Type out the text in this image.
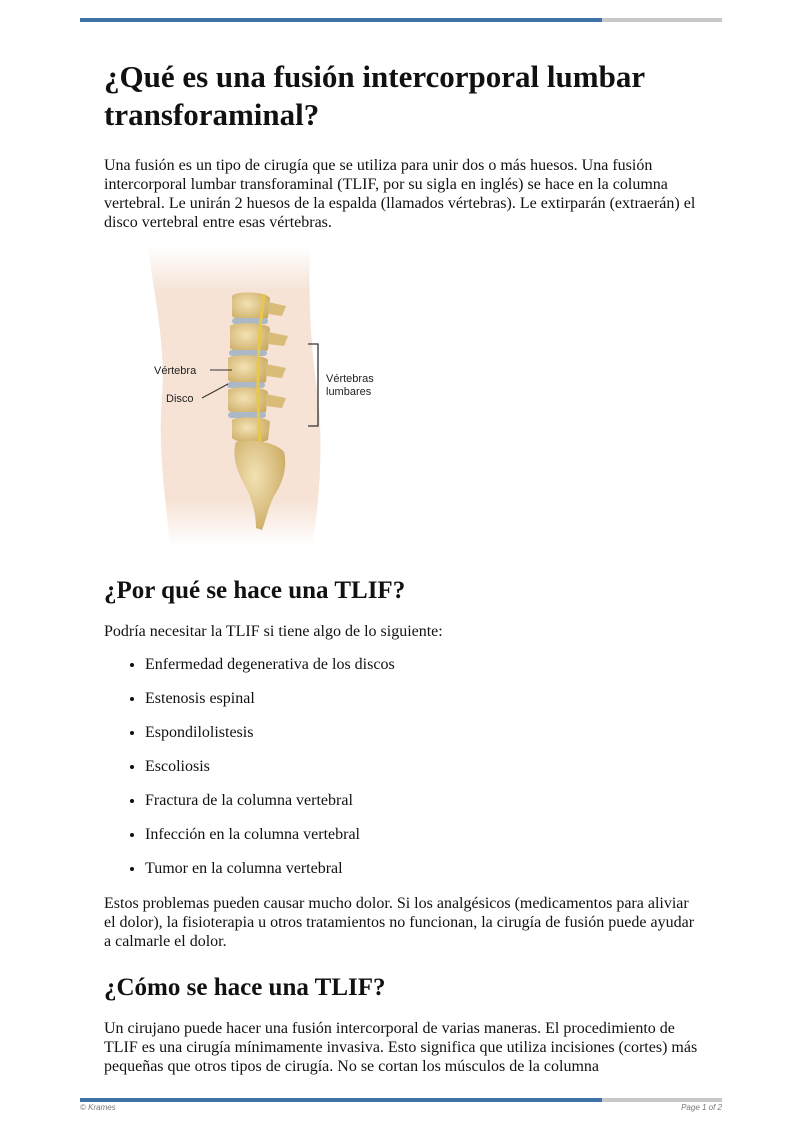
¿Qué es una fusión intercorporal lumbar transforaminal?

Una fusión es un tipo de cirugía que se utiliza para unir dos o más huesos. Una fusión intercorporal lumbar transforaminal (TLIF, por su sigla en inglés) se hace en la columna vertebral. Le unirán 2 huesos de la espalda (llamados vértebras). Le extirparán (extraerán) el disco vertebral entre esas vértebras.

Vértebra
Disco
Vértebras
lumbares
¿Por qué se hace una TLIF?

Podría necesitar la TLIF si tiene algo de lo siguiente:

• Enfermedad degenerativa de los discos
• Estenosis espinal
• Espondilolistesis
• Escoliosis
• Fractura de la columna vertebral
• Infección en la columna vertebral
• Tumor en la columna vertebral

Estos problemas pueden causar mucho dolor. Si los analgésicos (medicamentos para aliviar el dolor), la fisioterapia u otros tratamientos no funcionan, la cirugía de fusión puede ayudar a calmarle el dolor.

¿Cómo se hace una TLIF?

Un cirujano puede hacer una fusión intercorporal de varias maneras. El procedimiento de TLIF es una cirugía mínimamente invasiva. Esto significa que utiliza incisiones (cortes) más pequeñas que otros tipos de cirugía. No se cortan los músculos de la columna

© Krames	Page 1 of 2
